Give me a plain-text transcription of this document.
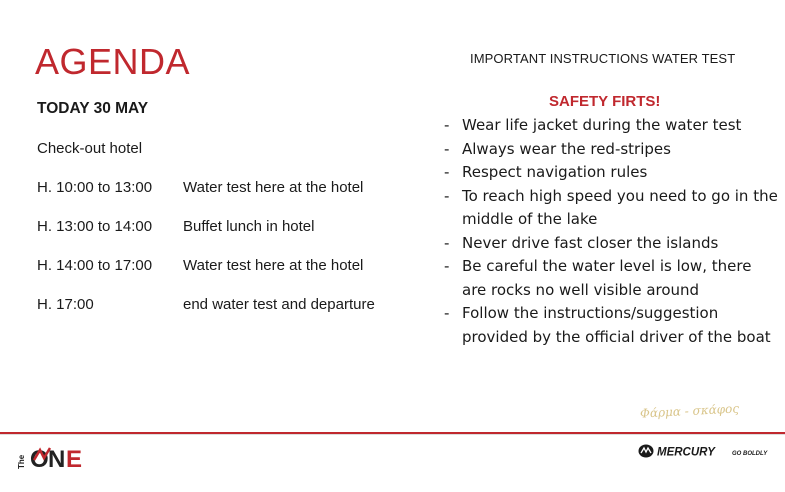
AGENDA
TODAY 30 MAY
Check-out hotel
H. 10:00 to 13:00 Water test here at the hotel
H. 13:00 to 14:00 Buffet lunch in hotel
H. 14:00 to 17:00 Water test here at the hotel
H. 17:00	end water test and departure
IMPORTANT INSTRUCTIONS WATER TEST
SAFETY FIRTS!
- Wear life jacket during the water test
- Always wear the red-stripes
- Respect navigation rules
- To reach high speed you need to go in the middle of the lake
- Never drive fast closer the islands
- Be careful the water level is low, there are rocks no well visible around
- Follow the instructions/suggestion provided by the official driver of the boat
Φάρμα - σκάφος
The O N E	MERCURY	GO BOLDLY
